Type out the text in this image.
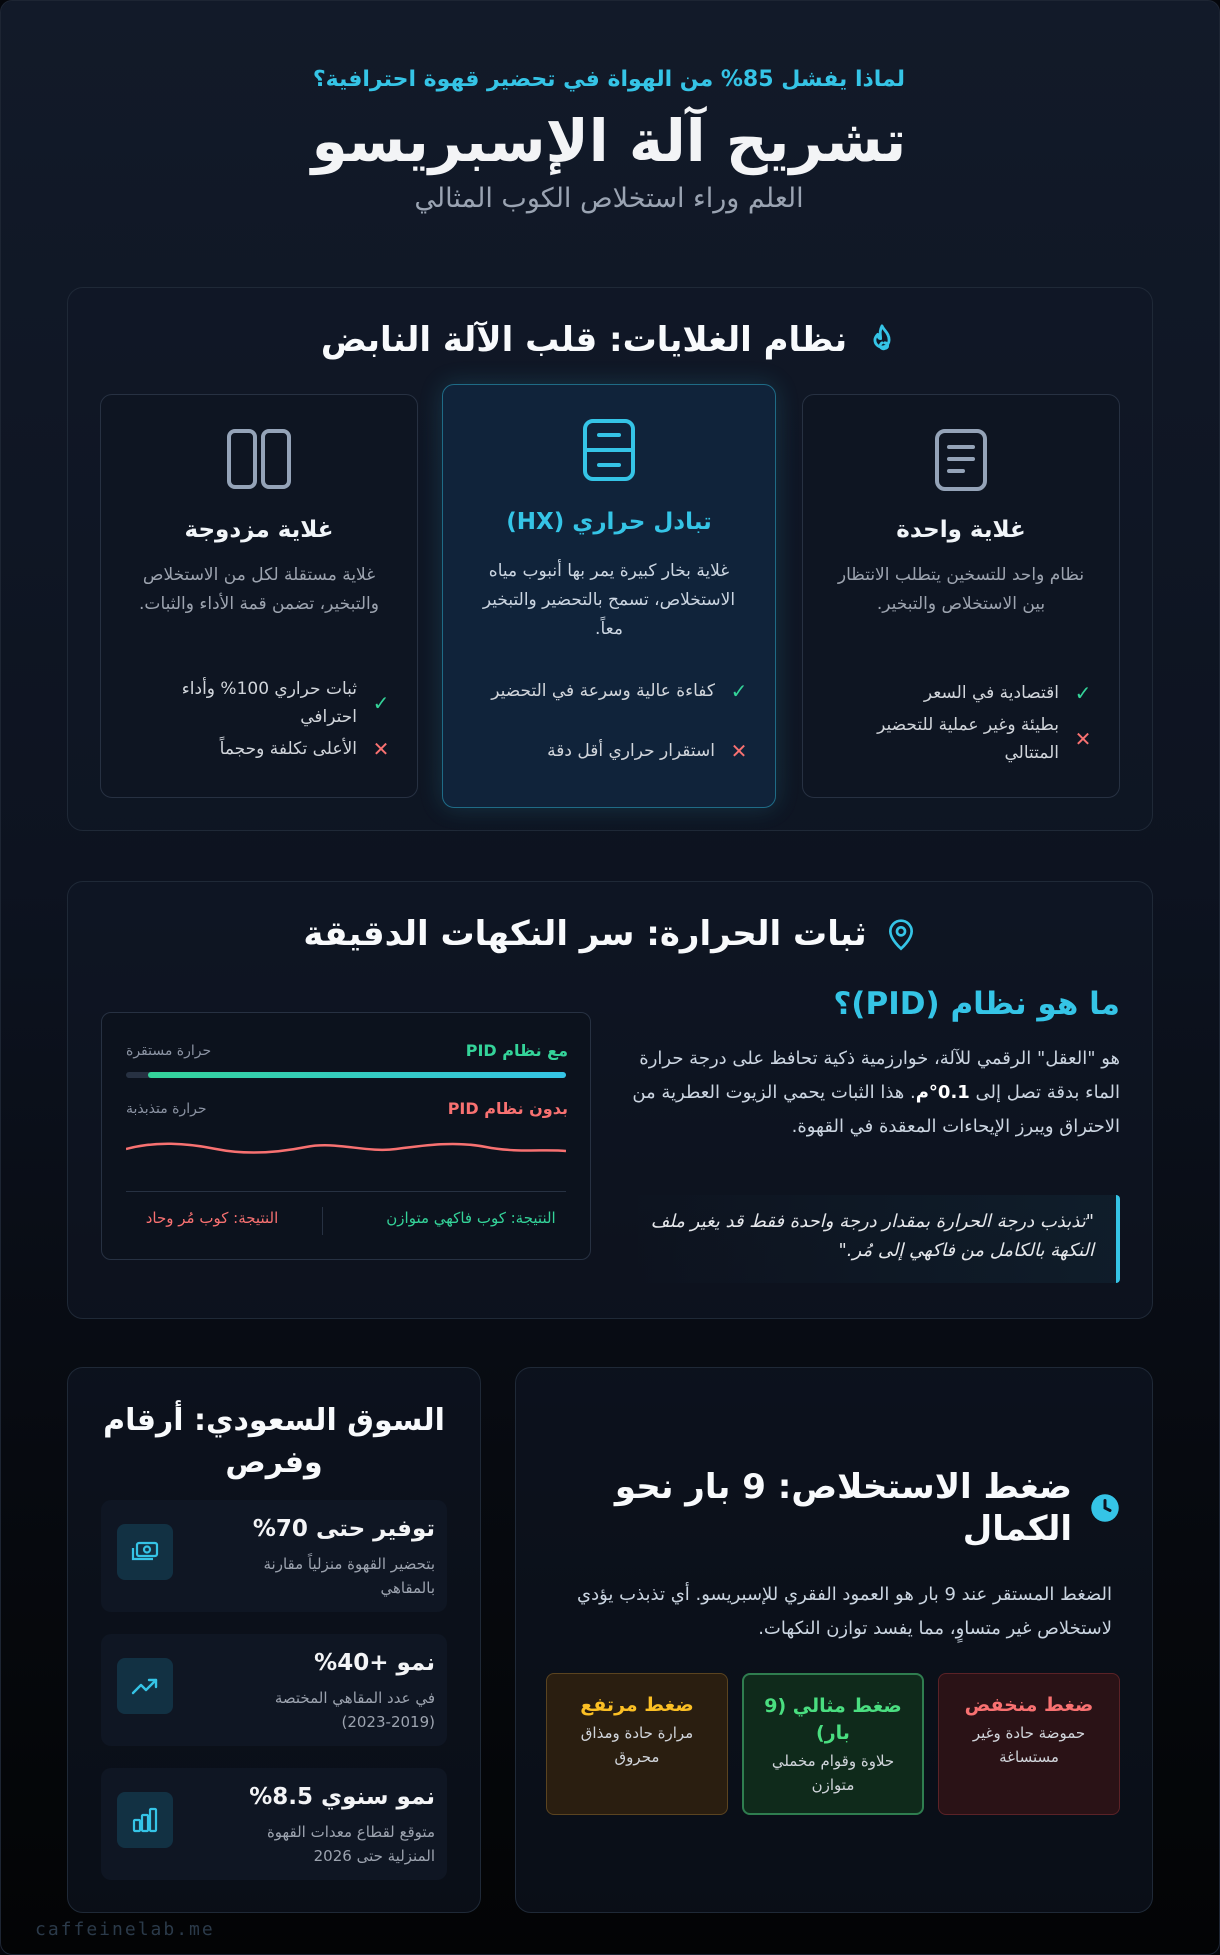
لماذا يفشل 85% من الهواة في تحضير قهوة احترافية؟
تشريح آلة الإسبريسو
العلم وراء استخلاص الكوب المثالي
نظام الغلايات: قلب الآلة النابض
غلاية واحدة
نظام واحد للتسخين يتطلب الانتظار بين الاستخلاص والتبخير.
✓
اقتصادية في السعر
✕
بطيئة وغير عملية للتحضير المتتالي
تبادل حراري (HX)
غلاية بخار كبيرة يمر بها أنبوب مياه الاستخلاص، تسمح بالتحضير والتبخير معاً.
✓
كفاءة عالية وسرعة في التحضير
✕
استقرار حراري أقل دقة
غلاية مزدوجة
غلاية مستقلة لكل من الاستخلاص والتبخير، تضمن قمة الأداء والثبات.
✓
ثبات حراري 100% وأداء احترافي
✕
الأعلى تكلفة وحجماً
ثبات الحرارة: سر النكهات الدقيقة
ما هو نظام (PID)؟
هو "العقل" الرقمي للآلة، خوارزمية ذكية تحافظ على درجة حرارة الماء بدقة تصل إلى 0.1°م. هذا الثبات يحمي الزيوت العطرية من الاحتراق ويبرز الإيحاءات المعقدة في القهوة.
"تذبذب درجة الحرارة بمقدار درجة واحدة فقط قد يغير ملف النكهة بالكامل من فاكهي إلى مُر."
مع نظام PID
حرارة مستقرة
بدون نظام PID
حرارة متذبذبة
النتيجة: كوب فاكهي متوازن
النتيجة: كوب مُر وحاد
ضغط الاستخلاص: 9 بار نحو الكمال
الضغط المستقر عند 9 بار هو العمود الفقري للإسبريسو. أي تذبذب يؤدي لاستخلاص غير متساوٍ، مما يفسد توازن النكهات.
ضغط منخفض
حموضة حادة وغير مستساغة
ضغط مثالي (9 بار)
حلاوة وقوام مخملي متوازن
ضغط مرتفع
مرارة حادة ومذاق محروق
السوق السعودي: أرقام وفرص
توفير حتى 70%
بتحضير القهوة منزلياً مقارنة بالمقاهي
نمو +40%
في عدد المقاهي المختصة (2019-2023)
نمو سنوي 8.5%
متوقع لقطاع معدات القهوة المنزلية حتى 2026
caffeinelab.me
